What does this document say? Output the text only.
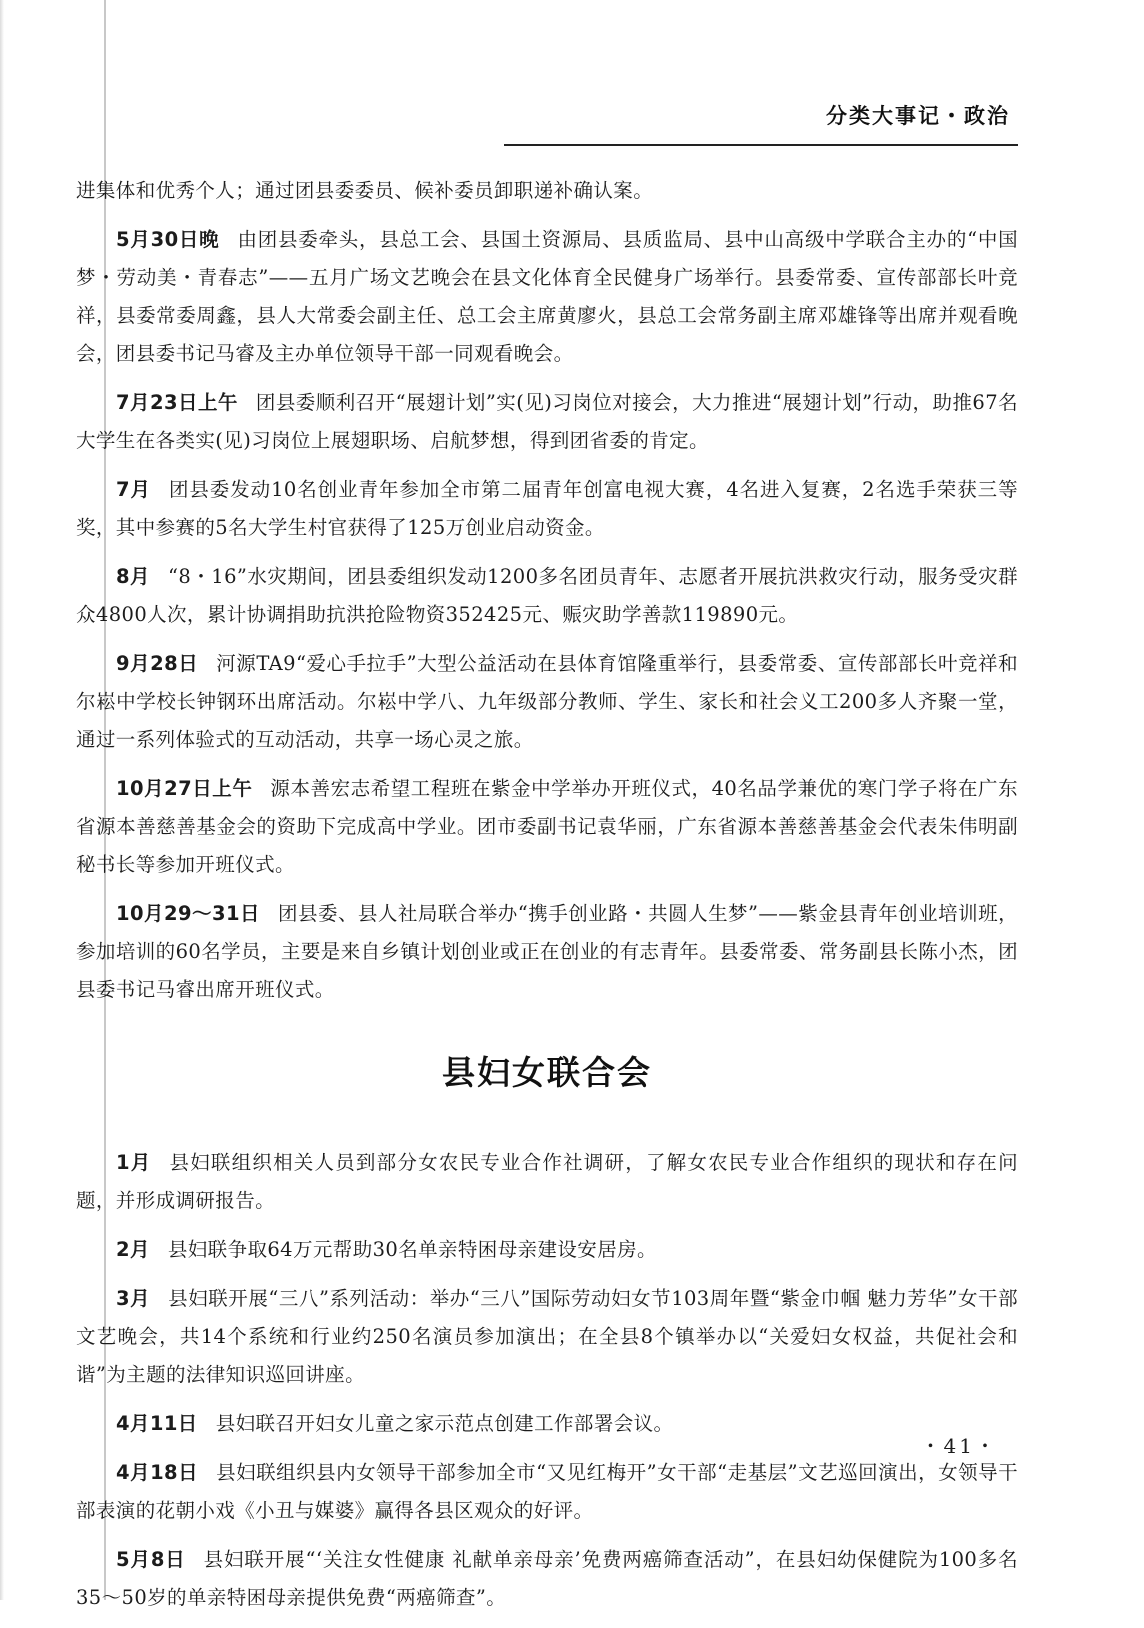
分类大事记・政治

进集体和优秀个人；通过团县委委员、候补委员卸职递补确认案。

5月30日晚 由团县委牵头，县总工会、县国土资源局、县质监局、县中山高级中学联合主办的“中国梦・劳动美・青春志”——五月广场文艺晚会在县文化体育全民健身广场举行。县委常委、宣传部部长叶竞祥，县委常委周鑫，县人大常委会副主任、总工会主席黄廖火，县总工会常务副主席邓雄锋等出席并观看晚会，团县委书记马睿及主办单位领导干部一同观看晚会。

7月23日上午 团县委顺利召开“展翅计划”实(见)习岗位对接会，大力推进“展翅计划”行动，助推67名大学生在各类实(见)习岗位上展翅职场、启航梦想，得到团省委的肯定。

7月 团县委发动10名创业青年参加全市第二届青年创富电视大赛，4名进入复赛，2名选手荣获三等奖，其中参赛的5名大学生村官获得了125万创业启动资金。

8月 “8・16”水灾期间，团县委组织发动1200多名团员青年、志愿者开展抗洪救灾行动，服务受灾群众4800人次，累计协调捐助抗洪抢险物资352425元、赈灾助学善款119890元。

9月28日 河源TA9“爱心手拉手”大型公益活动在县体育馆隆重举行，县委常委、宣传部部长叶竞祥和尔崧中学校长钟钢环出席活动。尔崧中学八、九年级部分教师、学生、家长和社会义工200多人齐聚一堂，通过一系列体验式的互动活动，共享一场心灵之旅。

10月27日上午 源本善宏志希望工程班在紫金中学举办开班仪式，40名品学兼优的寒门学子将在广东省源本善慈善基金会的资助下完成高中学业。团市委副书记袁华丽，广东省源本善慈善基金会代表朱伟明副秘书长等参加开班仪式。

10月29～31日 团县委、县人社局联合举办“携手创业路・共圆人生梦”——紫金县青年创业培训班，参加培训的60名学员，主要是来自乡镇计划创业或正在创业的有志青年。县委常委、常务副县长陈小杰，团县委书记马睿出席开班仪式。

县妇女联合会

1月 县妇联组织相关人员到部分女农民专业合作社调研，了解女农民专业合作组织的现状和存在问题，并形成调研报告。

2月 县妇联争取64万元帮助30名单亲特困母亲建设安居房。

3月 县妇联开展“三八”系列活动：举办“三八”国际劳动妇女节103周年暨“紫金巾帼 魅力芳华”女干部文艺晚会，共14个系统和行业约250名演员参加演出；在全县8个镇举办以“关爱妇女权益，共促社会和谐”为主题的法律知识巡回讲座。

4月11日 县妇联召开妇女儿童之家示范点创建工作部署会议。

4月18日 县妇联组织县内女领导干部参加全市“又见红梅开”女干部“走基层”文艺巡回演出，女领导干部表演的花朝小戏《小丑与媒婆》赢得各县区观众的好评。

5月8日 县妇联开展“‘关注女性健康 礼献单亲母亲’免费两癌筛查活动”，在县妇幼保健院为100多名35～50岁的单亲特困母亲提供免费“两癌筛查”。

・41・
